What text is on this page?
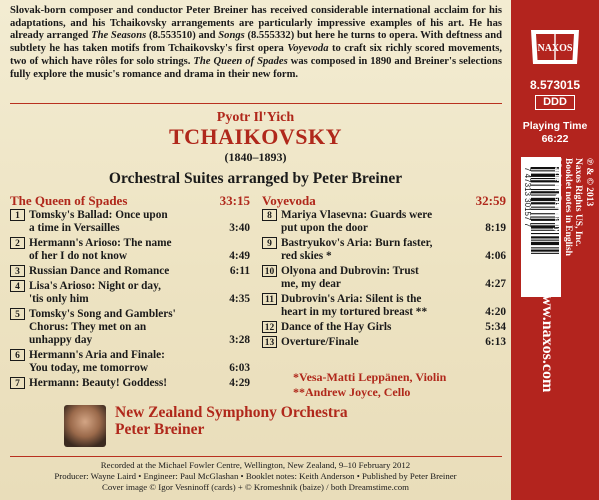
Slovak-born composer and conductor Peter Breiner has received considerable international acclaim for his adaptations, and his Tchaikovsky arrangements are particularly impressive examples of his art. He has already arranged The Seasons (8.553510) and Songs (8.555332) but here he turns to opera. With deftness and subtlety he has taken motifs from Tchaikovsky's first opera Voyevoda to craft six richly scored movements, two of which have rôles for solo strings. The Queen of Spades was composed in 1890 and Breiner's selections fully explore the music's romance and drama in their new form.
Pyotr Il'Yich
TCHAIKOVSKY
(1840–1893)
Orchestral Suites arranged by Peter Breiner
The Queen of Spades	33:15
1 Tomsky's Ballad: Once upon
a time in Versailles	3:40
2 Hermann's Arioso: The name
of her I do not know	4:49
3 Russian Dance and Romance	6:11
4 Lisa's Arioso: Night or day,
'tis only him	4:35
5 Tomsky's Song and Gamblers'
Chorus: They met on an
unhappy day	3:28
6 Hermann's Aria and Finale:
You today, me tomorrow	6:03
7 Hermann: Beauty! Goddess!	4:29
Voyevoda	32:59
8 Mariya Vlasevna: Guards were
put upon the door	8:19
9 Bastryukov's Aria: Burn faster,
red skies *	4:06
10 Olyona and Dubrovin: Trust
me, my dear	4:27
11 Dubrovin's Aria: Silent is the
heart in my tortured breast **	4:20
12 Dance of the Hay Girls	5:34
13 Overture/Finale	6:13
*Vesa-Matti Leppänen, Violin
**Andrew Joyce, Cello
New Zealand Symphony Orchestra
Peter Breiner
Recorded at the Michael Fowler Centre, Wellington, New Zealand, 9–10 February 2012
Producer: Wayne Laird • Engineer: Paul McGlashan • Booklet notes: Keith Anderson • Published by Peter Breiner
Cover image © Igor Vesninoff (cards) + © Kromeshnik (baize) / both Dreamstime.com
NAXOS
8.573015
DDD
Playing Time
66:22
7 47313 30157 7	℗ & © 2013
Naxos Rights US, Inc.
Booklet notes in English
Made in Germany
www.naxos.com
